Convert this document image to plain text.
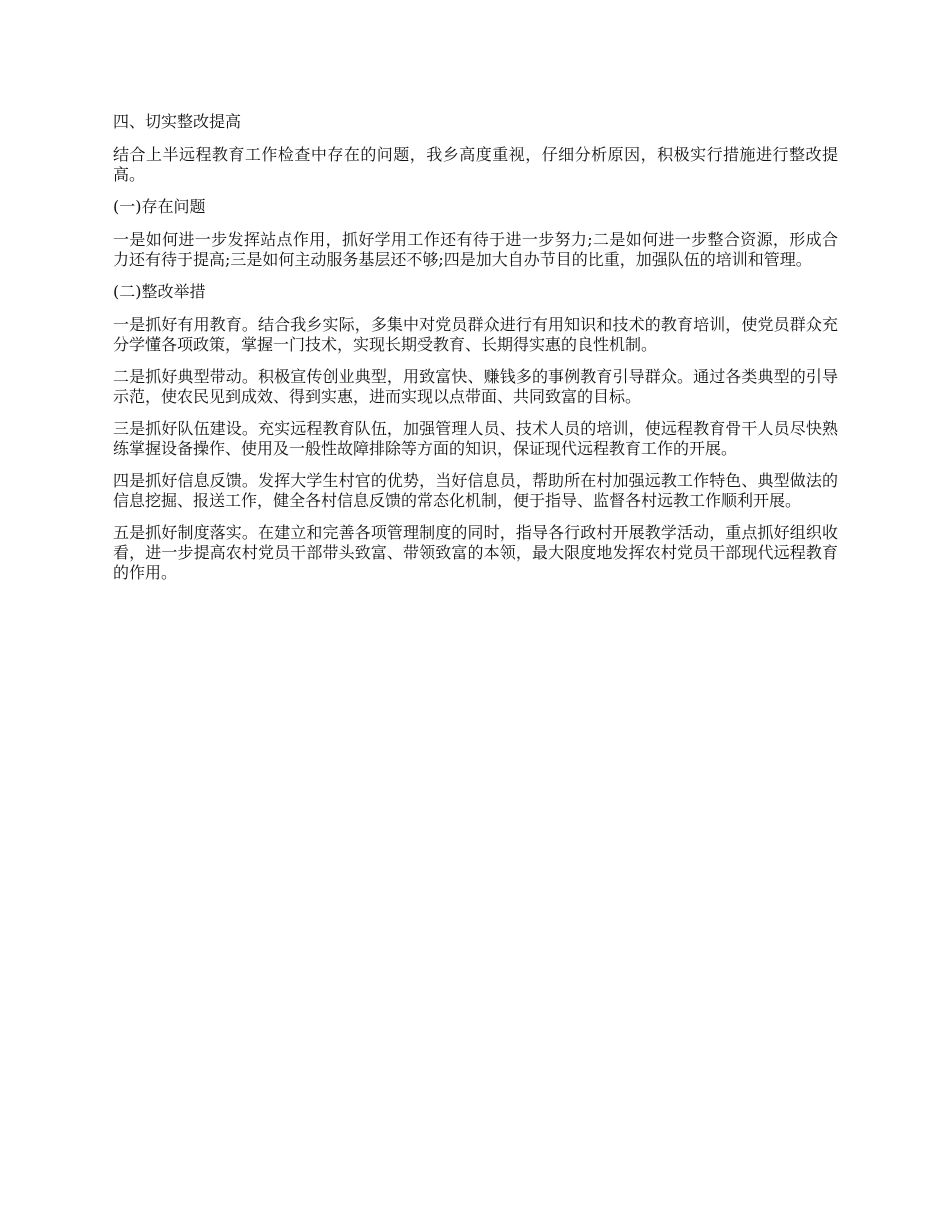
四、切实整改提高

结合上半远程教育工作检查中存在的问题，我乡高度重视，仔细分析原因，积极实行措施进行整改提高。

(一)存在问题

一是如何进一步发挥站点作用，抓好学用工作还有待于进一步努力;二是如何进一步整合资源，形成合力还有待于提高;三是如何主动服务基层还不够;四是加大自办节目的比重，加强队伍的培训和管理。

(二)整改举措

一是抓好有用教育。结合我乡实际，多集中对党员群众进行有用知识和技术的教育培训，使党员群众充分学懂各项政策，掌握一门技术，实现长期受教育、长期得实惠的良性机制。

二是抓好典型带动。积极宣传创业典型，用致富快、赚钱多的事例教育引导群众。通过各类典型的引导示范，使农民见到成效、得到实惠，进而实现以点带面、共同致富的目标。

三是抓好队伍建设。充实远程教育队伍，加强管理人员、技术人员的培训，使远程教育骨干人员尽快熟练掌握设备操作、使用及一般性故障排除等方面的知识，保证现代远程教育工作的开展。

四是抓好信息反馈。发挥大学生村官的优势，当好信息员，帮助所在村加强远教工作特色、典型做法的信息挖掘、报送工作，健全各村信息反馈的常态化机制，便于指导、监督各村远教工作顺利开展。

五是抓好制度落实。在建立和完善各项管理制度的同时，指导各行政村开展教学活动，重点抓好组织收看，进一步提高农村党员干部带头致富、带领致富的本领，最大限度地发挥农村党员干部现代远程教育的作用。
